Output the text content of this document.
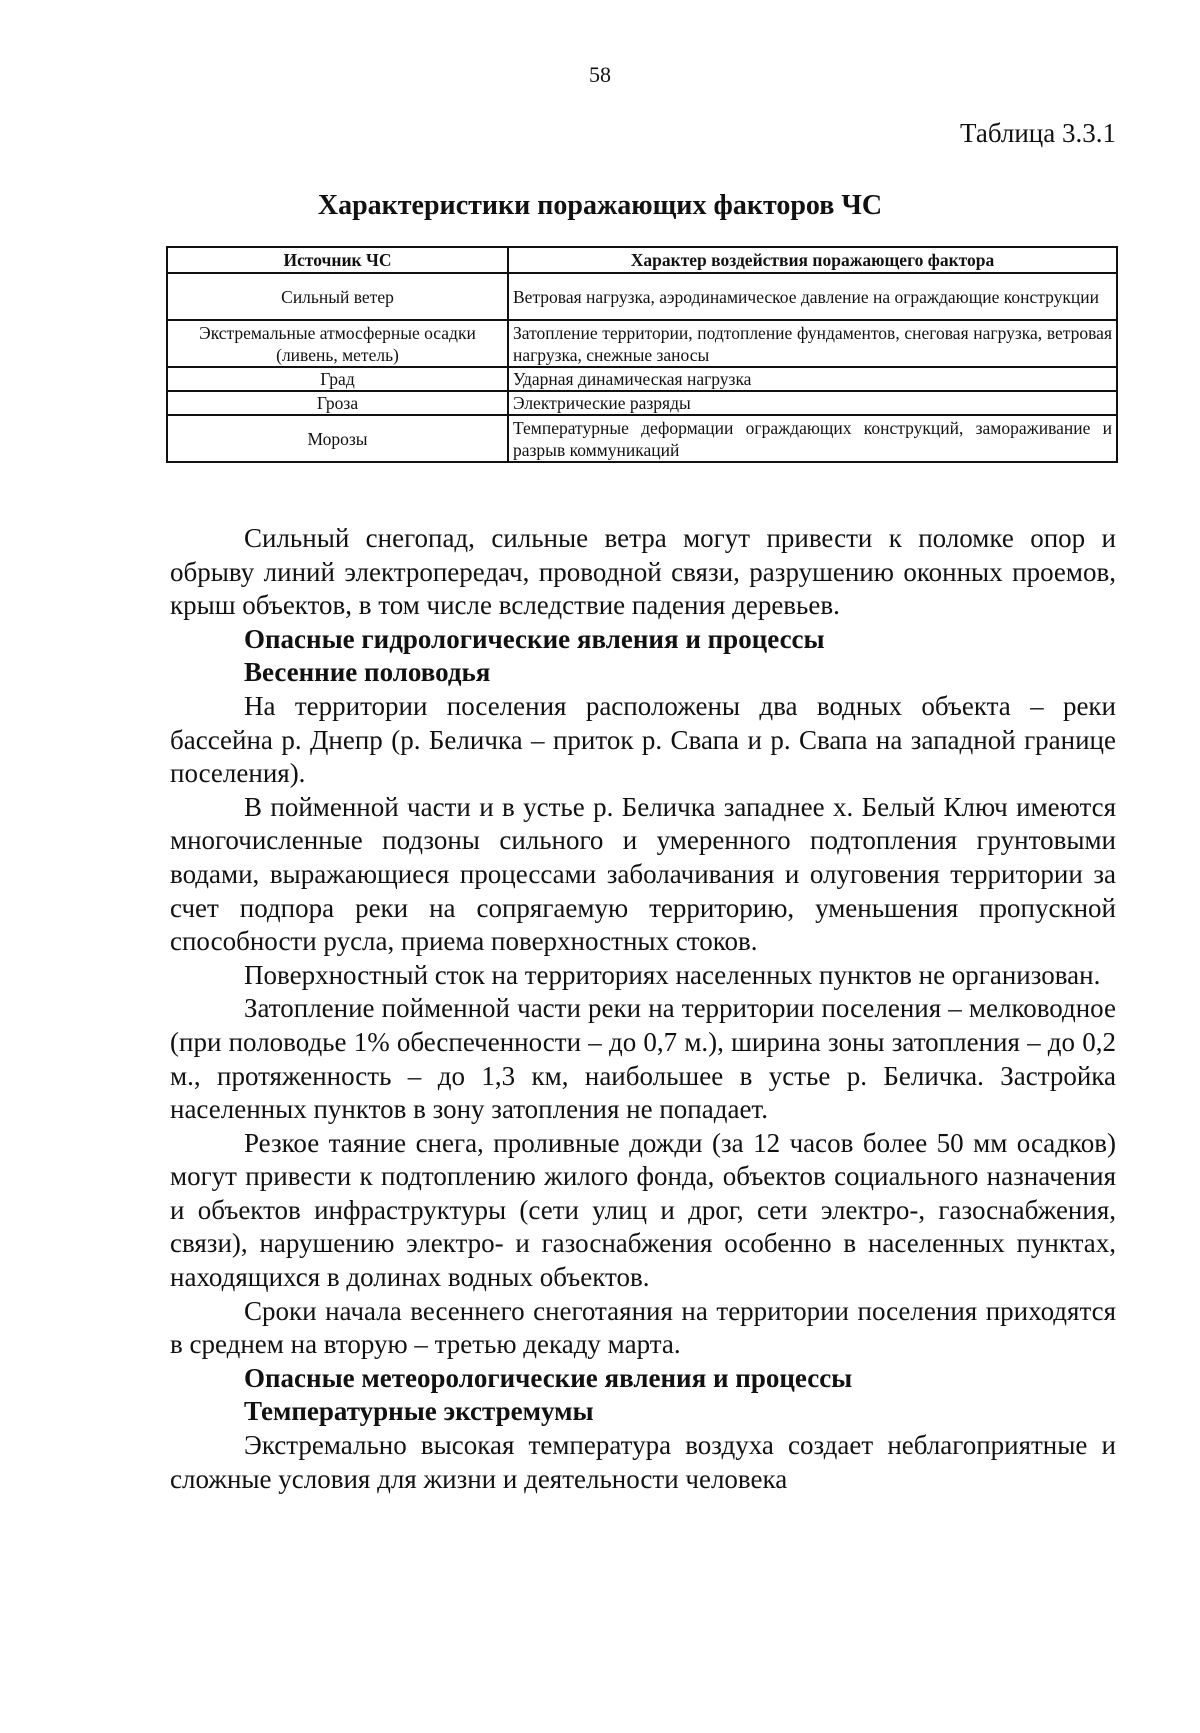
58
Таблица 3.3.1
Характеристики поражающих факторов ЧС
Источник ЧС	Характер воздействия поражающего фактора
Сильный ветер	Ветровая нагрузка, аэродинамическое давление на ограждающие конструкции
Экстремальные атмосферные осадки (ливень, метель)	Затопление территории, подтопление фундаментов, снеговая нагрузка, ветровая нагрузка, снежные заносы
Град	Ударная динамическая нагрузка
Гроза	Электрические разряды
Морозы	Температурные деформации ограждающих конструкций, замораживание и разрыв коммуникаций

Сильный снегопад, сильные ветра могут привести к поломке опор и обрыву линий электропередач, проводной связи, разрушению оконных проемов, крыш объектов, в том числе вследствие падения деревьев.

Опасные гидрологические явления и процессы
Весенние половодья

На территории поселения расположены два водных объекта – реки бассейна р. Днепр (р. Беличка – приток р. Свапа и р. Свапа на западной границе поселения).

В пойменной части и в устье р. Беличка западнее х. Белый Ключ имеются многочисленные подзоны сильного и умеренного подтопления грунтовыми водами, выражающиеся процессами заболачивания и олуговения территории за счет подпора реки на сопрягаемую территорию, уменьшения пропускной способности русла, приема поверхностных стоков.

Поверхностный сток на территориях населенных пунктов не организован.

Затопление пойменной части реки на территории поселения – мелководное (при половодье 1% обеспеченности – до 0,7 м.), ширина зоны затопления – до 0,2 м., протяженность – до 1,3 км, наибольшее в устье р. Беличка. Застройка населенных пунктов в зону затопления не попадает.

Резкое таяние снега, проливные дожди (за 12 часов более 50 мм осадков) могут привести к подтоплению жилого фонда, объектов социального назначения и объектов инфраструктуры (сети улиц и дрог, сети электро-, газоснабжения, связи), нарушению электро- и газоснабжения особенно в населенных пунктах, находящихся в долинах водных объектов.

Сроки начала весеннего снеготаяния на территории поселения приходятся в среднем на вторую – третью декаду марта.

Опасные метеорологические явления и процессы
Температурные экстремумы

Экстремально высокая температура воздуха создает неблагоприятные и сложные условия для жизни и деятельности человека
